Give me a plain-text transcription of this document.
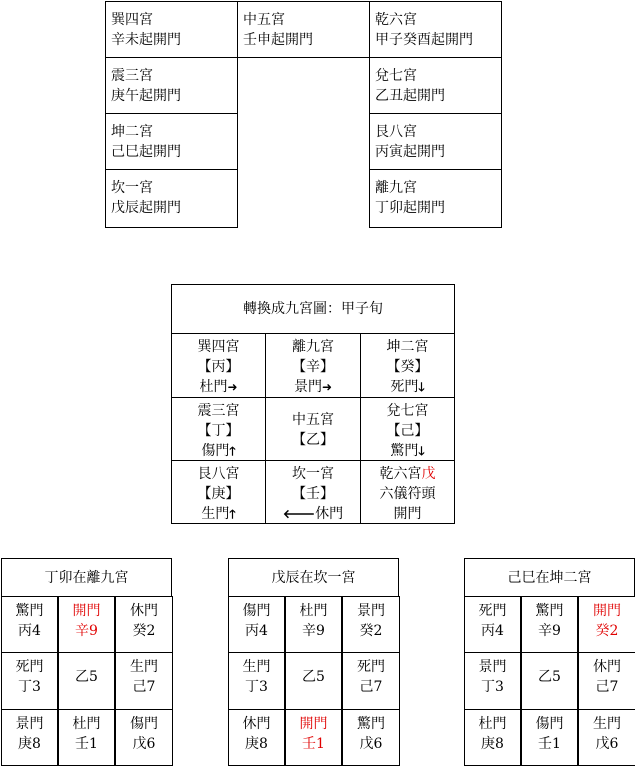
巽四宮
辛未起開門
震三宮
庚午起開門
坤二宮
己巳起開門
坎一宮
戊辰起開門
中五宮
壬申起開門
乾六宮
甲子癸酉起開門
兌七宮
乙丑起開門
艮八宮
丙寅起開門
離九宮
丁卯起開門
轉換成九宮圖：甲子旬
巽四宮
【丙】
杜門➜
離九宮
【辛】
景門➜
坤二宮
【癸】
死門🡓
震三宮
【丁】
傷門🡑
中五宮
【乙】
兌七宮
【己】
驚門🡓
艮八宮
【庚】
生門🡑
坎一宮
【壬】
🡐休門
乾六宮戊
六儀符頭
開門
丁卯在離九宮
驚門
丙4
開門
辛9
休門
癸2
死門
丁3
乙5
生門
己7
景門
庚8
杜門
壬1
傷門
戊6
戊辰在坎一宮
傷門
丙4
杜門
辛9
景門
癸2
生門
丁3
乙5
死門
己7
休門
庚8
開門
壬1
驚門
戊6
己巳在坤二宮
死門
丙4
驚門
辛9
開門
癸2
景門
丁3
乙5
休門
己7
杜門
庚8
傷門
壬1
生門
戊6
